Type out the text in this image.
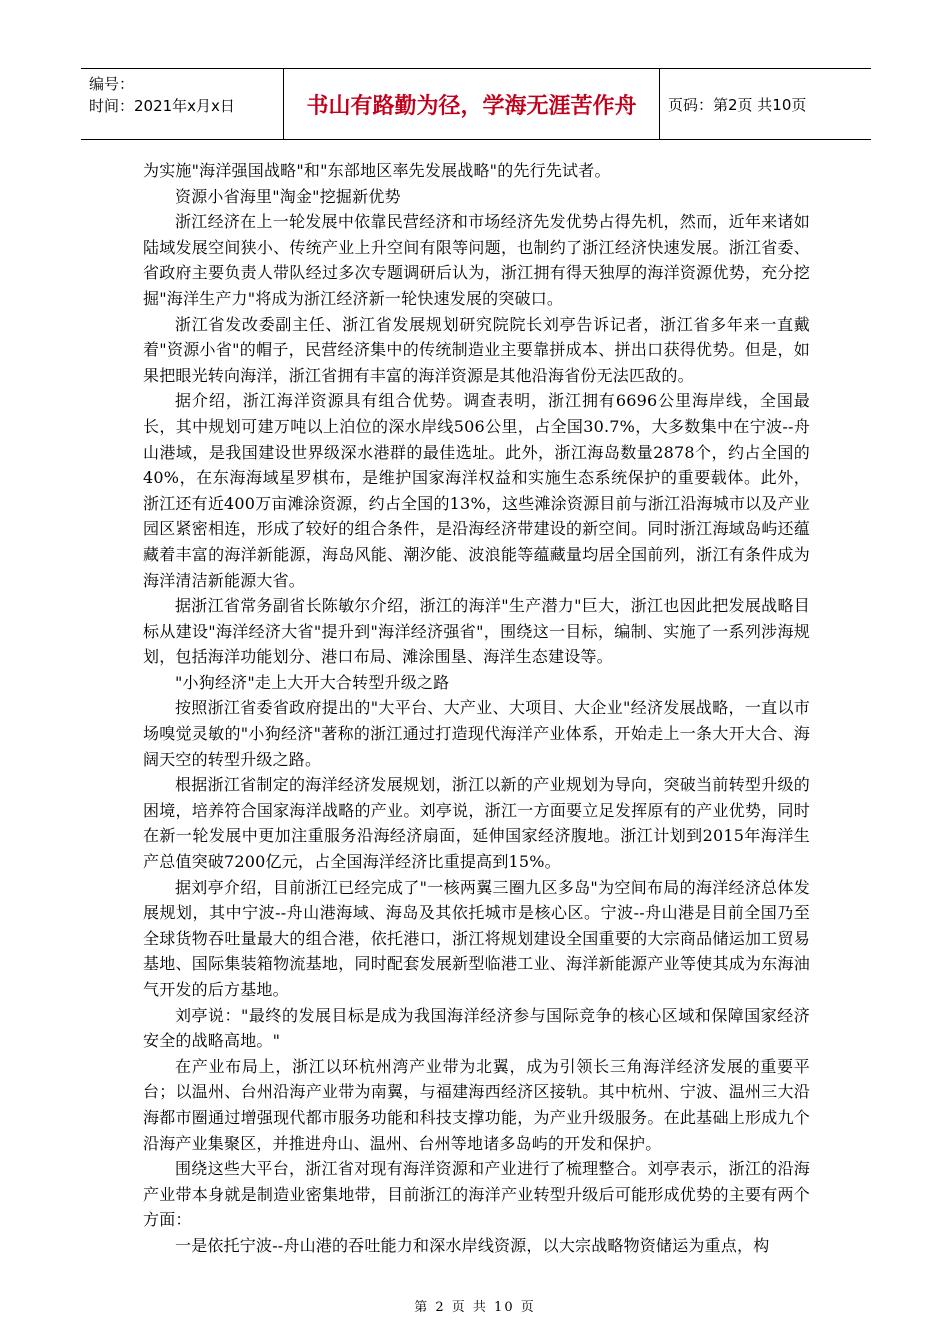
编号：
时间：2021年x月x日	书山有路勤为径，学海无涯苦作舟	页码：第2页 共10页

为实施"海洋强国战略"和"东部地区率先发展战略"的先行先试者。

资源小省海里"淘金"挖掘新优势

浙江经济在上一轮发展中依靠民营经济和市场经济先发优势占得先机，然而，近年来诸如陆域发展空间狭小、传统产业上升空间有限等问题，也制约了浙江经济快速发展。浙江省委、省政府主要负责人带队经过多次专题调研后认为，浙江拥有得天独厚的海洋资源优势，充分挖掘"海洋生产力"将成为浙江经济新一轮快速发展的突破口。

浙江省发改委副主任、浙江省发展规划研究院院长刘亭告诉记者，浙江省多年来一直戴着"资源小省"的帽子，民营经济集中的传统制造业主要靠拼成本、拼出口获得优势。但是，如果把眼光转向海洋，浙江省拥有丰富的海洋资源是其他沿海省份无法匹敌的。

据介绍，浙江海洋资源具有组合优势。调查表明，浙江拥有6696公里海岸线，全国最长，其中规划可建万吨以上泊位的深水岸线506公里，占全国30.7%，大多数集中在宁波--舟山港域，是我国建设世界级深水港群的最佳选址。此外，浙江海岛数量2878个，约占全国的40%，在东海海域星罗棋布，是维护国家海洋权益和实施生态系统保护的重要载体。此外，浙江还有近400万亩滩涂资源，约占全国的13%，这些滩涂资源目前与浙江沿海城市以及产业园区紧密相连，形成了较好的组合条件，是沿海经济带建设的新空间。同时浙江海域岛屿还蕴藏着丰富的海洋新能源，海岛风能、潮汐能、波浪能等蕴藏量均居全国前列，浙江有条件成为海洋清洁新能源大省。

据浙江省常务副省长陈敏尔介绍，浙江的海洋"生产潜力"巨大，浙江也因此把发展战略目标从建设"海洋经济大省"提升到"海洋经济强省"，围绕这一目标，编制、实施了一系列涉海规划，包括海洋功能划分、港口布局、滩涂围垦、海洋生态建设等。

"小狗经济"走上大开大合转型升级之路

按照浙江省委省政府提出的"大平台、大产业、大项目、大企业"经济发展战略，一直以市场嗅觉灵敏的"小狗经济"著称的浙江通过打造现代海洋产业体系，开始走上一条大开大合、海阔天空的转型升级之路。

根据浙江省制定的海洋经济发展规划，浙江以新的产业规划为导向，突破当前转型升级的困境，培养符合国家海洋战略的产业。刘亭说，浙江一方面要立足发挥原有的产业优势，同时在新一轮发展中更加注重服务沿海经济扇面，延伸国家经济腹地。浙江计划到2015年海洋生产总值突破7200亿元，占全国海洋经济比重提高到15%。

据刘亭介绍，目前浙江已经完成了"一核两翼三圈九区多岛"为空间布局的海洋经济总体发展规划，其中宁波--舟山港海域、海岛及其依托城市是核心区。宁波--舟山港是目前全国乃至全球货物吞吐量最大的组合港，依托港口，浙江将规划建设全国重要的大宗商品储运加工贸易基地、国际集装箱物流基地，同时配套发展新型临港工业、海洋新能源产业等使其成为东海油气开发的后方基地。

刘亭说："最终的发展目标是成为我国海洋经济参与国际竞争的核心区域和保障国家经济安全的战略高地。"

在产业布局上，浙江以环杭州湾产业带为北翼，成为引领长三角海洋经济发展的重要平台；以温州、台州沿海产业带为南翼，与福建海西经济区接轨。其中杭州、宁波、温州三大沿海都市圈通过增强现代都市服务功能和科技支撑功能，为产业升级服务。在此基础上形成九个沿海产业集聚区，并推进舟山、温州、台州等地诸多岛屿的开发和保护。

围绕这些大平台，浙江省对现有海洋资源和产业进行了梳理整合。刘亭表示，浙江的沿海产业带本身就是制造业密集地带，目前浙江的海洋产业转型升级后可能形成优势的主要有两个方面：

一是依托宁波--舟山港的吞吐能力和深水岸线资源，以大宗战略物资储运为重点，构

第 2 页 共 10 页
